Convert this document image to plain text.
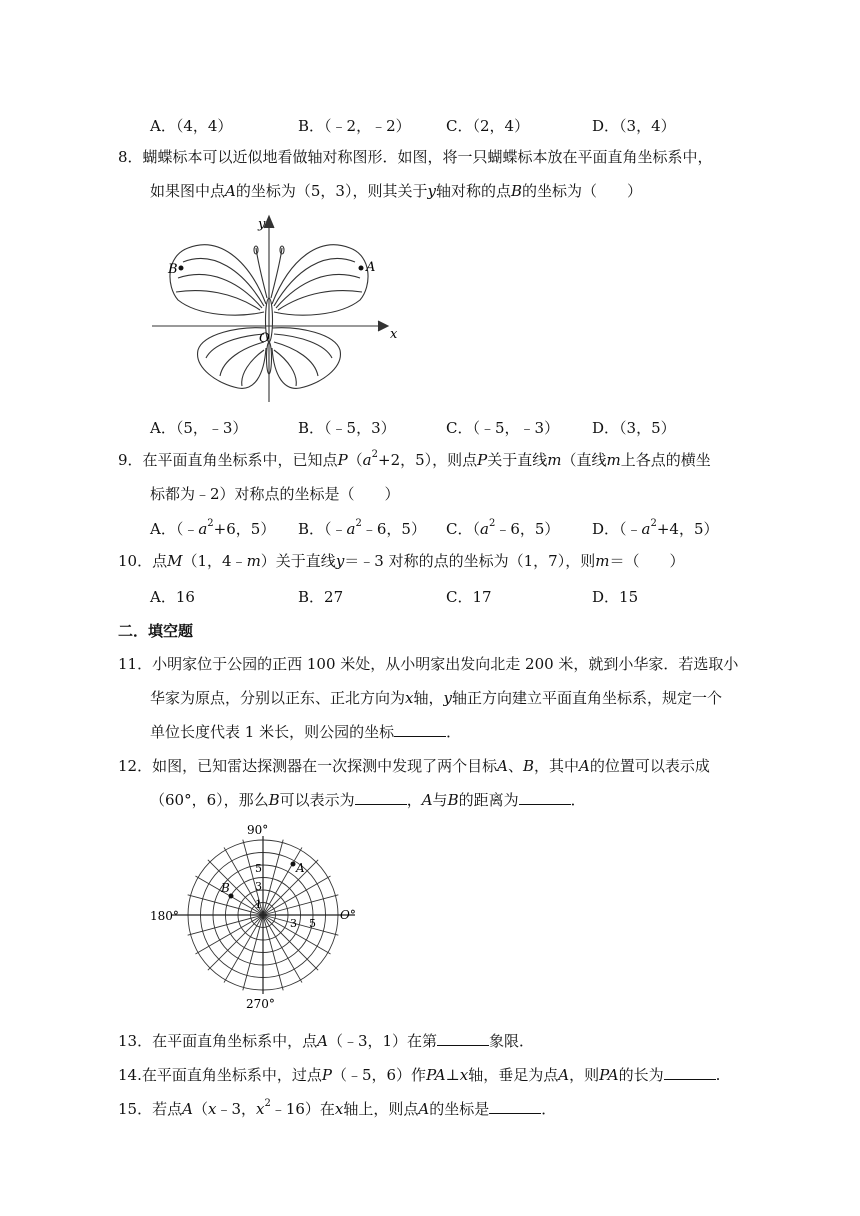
A．（4，4）	B．（﹣2，﹣2） C．（2，4）	D．（3，4）
8．蝴蝶标本可以近似地看做轴对称图形．如图，将一只蝴蝶标本放在平面直角坐标系中，
如果图中点A的坐标为（5，3），则其关于y轴对称的点B的坐标为（　　）
B	A
y
x
O
A．（5，﹣3）	B．（﹣5，3）	C．（﹣5，﹣3） D．（3，5）
9．在平面直角坐标系中，已知点$P(a^2+2$，5），则点P关于直线m（直线m上各点的横坐
标都为﹣2）对称点的坐标是（　　）
A．（$﹣a^2+6$，5） B．（$﹣a^2﹣6$，5） C．（$a^2﹣6$，5） D．（$﹣a^2+4$，5）
10．点M（1，4﹣m）关于直线y＝﹣3 对称的点的坐标为（1，7），则m＝（　　）
A．16	B．27	C．17	D．15
二．填空题
11．小明家位于公园的正西 100 米处，从小明家出发向北走 200 米，就到小华家．若选取小
华家为原点，分别以正东、正北方向为x轴，y轴正方向建立平面直角坐标系，规定一个
单位长度代表 1 米长，则公园的坐标	．
12．如图，已知雷达探测器在一次探测中发现了两个目标A、B，其中A的位置可以表示成
（60°，6），那么B可以表示为	，A与B的距离为	．
90°
180°
270°
O°
5
3
1
3 5
A
B
13．在平面直角坐标系中，点A（﹣3，1）在第	象限．
14.在平面直角坐标系中，过点P（﹣5，6）作PA⊥x轴，垂足为点A，则PA的长为	.
15．若点A（x﹣3，$x^2﹣16$）在x轴上，则点A的坐标是	．
